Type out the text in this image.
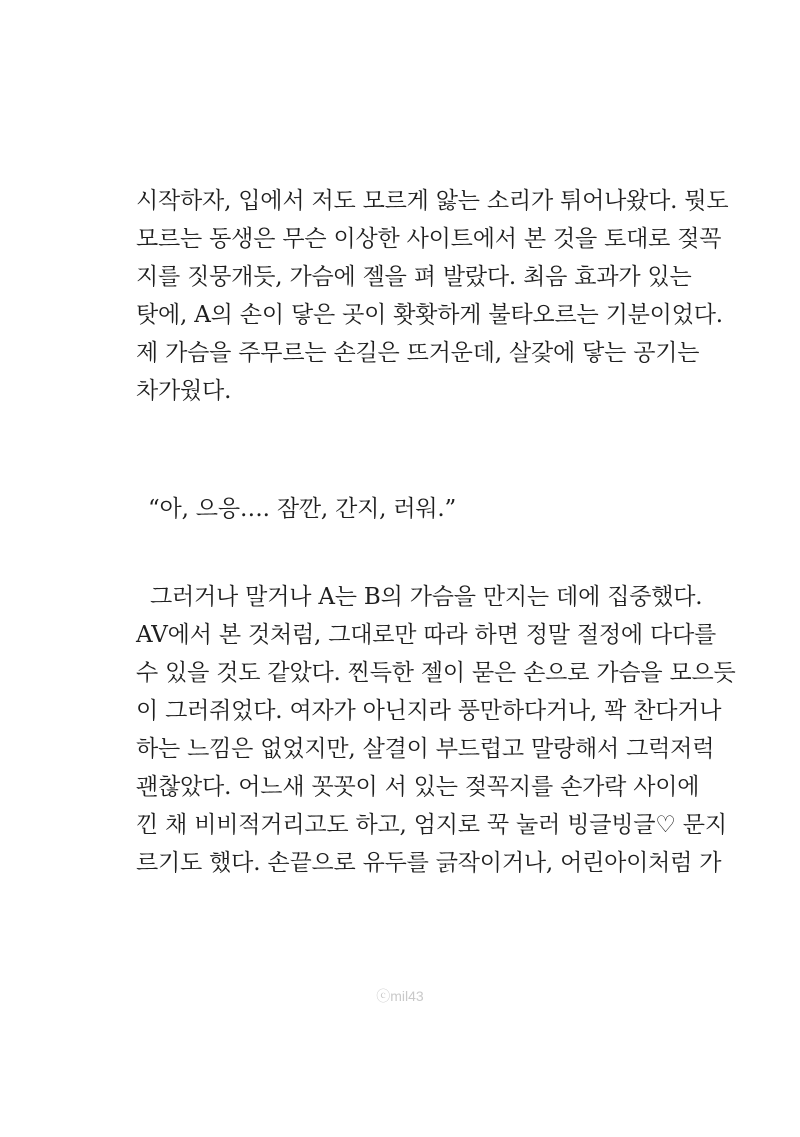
시작하자, 입에서 저도 모르게 앓는 소리가 튀어나왔다. 뭣도
모르는 동생은 무슨 이상한 사이트에서 본 것을 토대로 젖꼭
지를 짓뭉개듯, 가슴에 젤을 펴 발랐다. 최음 효과가 있는
탓에, A의 손이 닿은 곳이 홧홧하게 불타오르는 기분이었다.
제 가슴을 주무르는 손길은 뜨거운데, 살갗에 닿는 공기는
차가웠다.
“아, 으응…. 잠깐, 간지, 러워.”
그러거나 말거나 A는 B의 가슴을 만지는 데에 집중했다.
AV에서 본 것처럼, 그대로만 따라 하면 정말 절정에 다다를
수 있을 것도 같았다. 찐득한 젤이 묻은 손으로 가슴을 모으듯
이 그러쥐었다. 여자가 아닌지라 풍만하다거나, 꽉 찬다거나
하는 느낌은 없었지만, 살결이 부드럽고 말랑해서 그럭저럭
괜찮았다. 어느새 꼿꼿이 서 있는 젖꼭지를 손가락 사이에
낀 채 비비적거리고도 하고, 엄지로 꾹 눌러 빙글빙글♡ 문지
르기도 했다. 손끝으로 유두를 긁작이거나, 어린아이처럼 가
ⓒmil43
